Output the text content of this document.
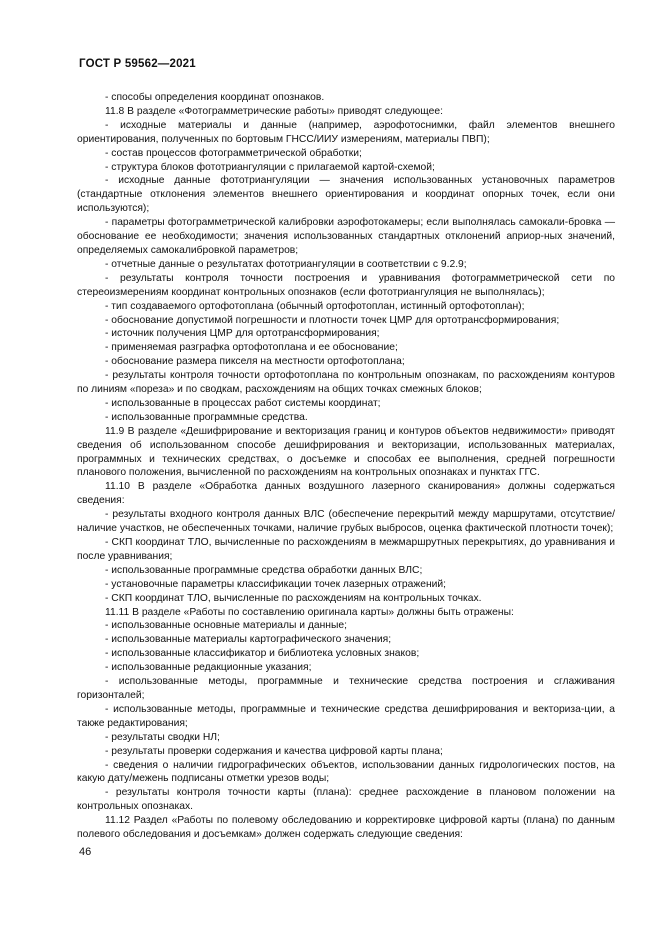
ГОСТ Р 59562—2021

- способы определения координат опознаков.

11.8 В разделе «Фотограмметрические работы» приводят следующее:

- исходные материалы и данные (например, аэрофотоснимки, файл элементов внешнего ориентирования, полученных по бортовым ГНСС/ИИУ измерениям, материалы ПВП);

- состав процессов фотограмметрической обработки;

- структура блоков фототриангуляции с прилагаемой картой-схемой;

- исходные данные фототриангуляции — значения использованных установочных параметров (стандартные отклонения элементов внешнего ориентирования и координат опорных точек, если они используются);

- параметры фотограмметрической калибровки аэрофотокамеры; если выполнялась самокали-бровка — обоснование ее необходимости; значения использованных стандартных отклонений априор-ных значений, определяемых самокалибровкой параметров;

- отчетные данные о результатах фототриангуляции в соответствии с 9.2.9;

- результаты контроля точности построения и уравнивания фотограмметрической сети по стереоизмерениям координат контрольных опознаков (если фототриангуляция не выполнялась);

- тип создаваемого ортофотоплана (обычный ортофотоплан, истинный ортофотоплан);

- обоснование допустимой погрешности и плотности точек ЦМР для ортотрансформирования;

- источник получения ЦМР для ортотрансформирования;

- применяемая разграфка ортофотоплана и ее обоснование;

- обоснование размера пикселя на местности ортофотоплана;

- результаты контроля точности ортофотоплана по контрольным опознакам, по расхождениям контуров по линиям «пореза» и по сводкам, расхождениям на общих точках смежных блоков;

- использованные в процессах работ системы координат;

- использованные программные средства.

11.9 В разделе «Дешифрирование и векторизация границ и контуров объектов недвижимости» приводят сведения об использованном способе дешифрирования и векторизации, использованных материалах, программных и технических средствах, о досъемке и способах ее выполнения, средней погрешности планового положения, вычисленной по расхождениям на контрольных опознаках и пунктах ГГС.

11.10 В разделе «Обработка данных воздушного лазерного сканирования» должны содержаться сведения:

- результаты входного контроля данных ВЛС (обеспечение перекрытий между маршрутами, отсутствие/наличие участков, не обеспеченных точками, наличие грубых выбросов, оценка фактической плотности точек);

- СКП координат ТЛО, вычисленные по расхождениям в межмаршрутных перекрытиях, до уравнивания и после уравнивания;

- использованные программные средства обработки данных ВЛС;

- установочные параметры классификации точек лазерных отражений;

- СКП координат ТЛО, вычисленные по расхождениям на контрольных точках.

11.11 В разделе «Работы по составлению оригинала карты» должны быть отражены:

- использованные основные материалы и данные;

- использованные материалы картографического значения;

- использованные классификатор и библиотека условных знаков;

- использованные редакционные указания;

- использованные методы, программные и технические средства построения и сглаживания горизонталей;

- использованные методы, программные и технические средства дешифрирования и векториза-ции, а также редактирования;

- результаты сводки НЛ;

- результаты проверки содержания и качества цифровой карты плана;

- сведения о наличии гидрографических объектов, использовании данных гидрологических постов, на какую дату/межень подписаны отметки урезов воды;

- результаты контроля точности карты (плана): среднее расхождение в плановом положении на контрольных опознаках.

11.12 Раздел «Работы по полевому обследованию и корректировке цифровой карты (плана) по данным полевого обследования и досъемкам» должен содержать следующие сведения:

46
